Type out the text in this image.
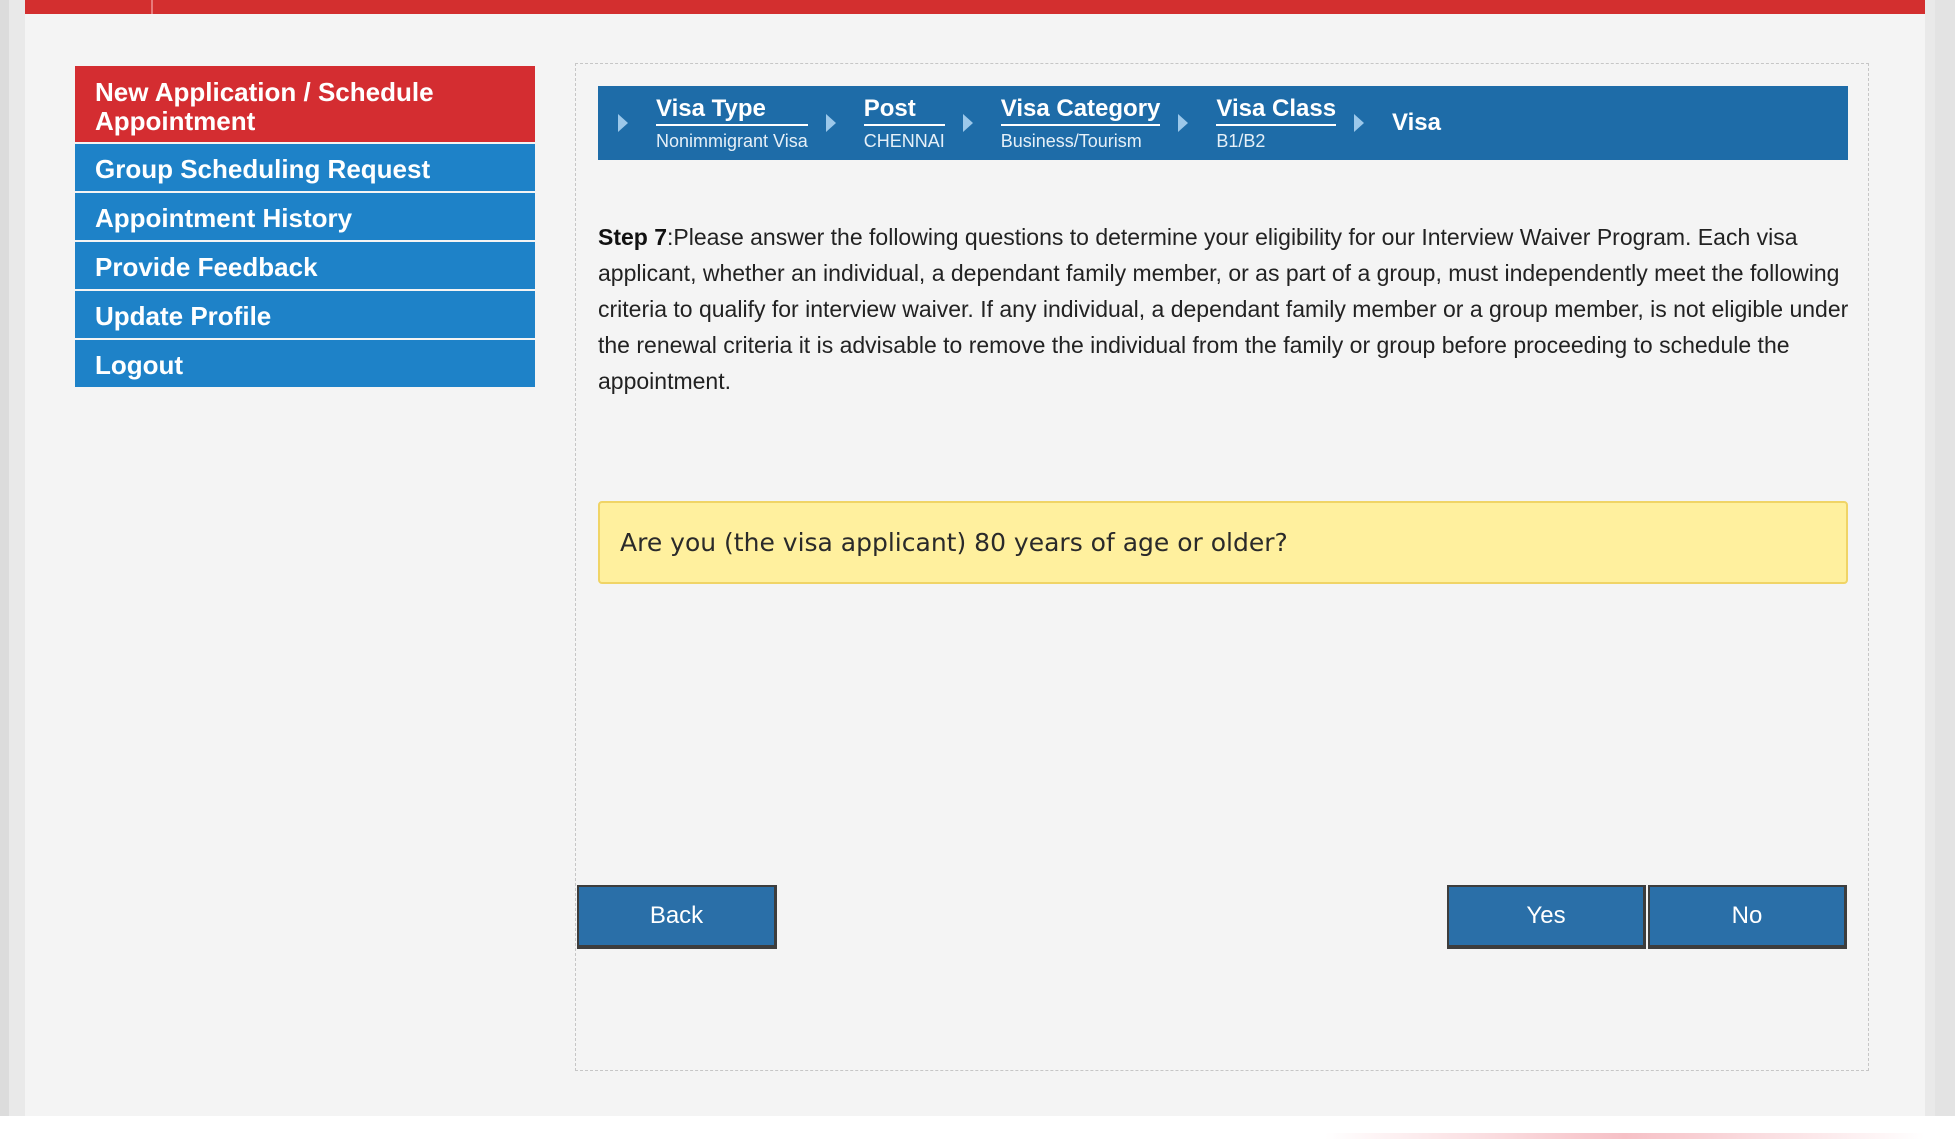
New Application / Schedule Appointment
Group Scheduling Request
Appointment History
Provide Feedback
Update Profile
Logout
Visa Type
Nonimmigrant Visa
Post
CHENNAI
Visa Category
Business/Tourism
Visa Class
B1/B2
Visa

Step 7:Please answer the following questions to determine your eligibility for our Interview Waiver Program. Each visa applicant, whether an individual, a dependant family member, or as part of a group, must independently meet the following criteria to qualify for interview waiver. If any individual, a dependant family member or a group member, is not eligible under the renewal criteria it is advisable to remove the individual from the family or group before proceeding to schedule the appointment.

Are you (the visa applicant) 80 years of age or older?
Back	Yes	No
